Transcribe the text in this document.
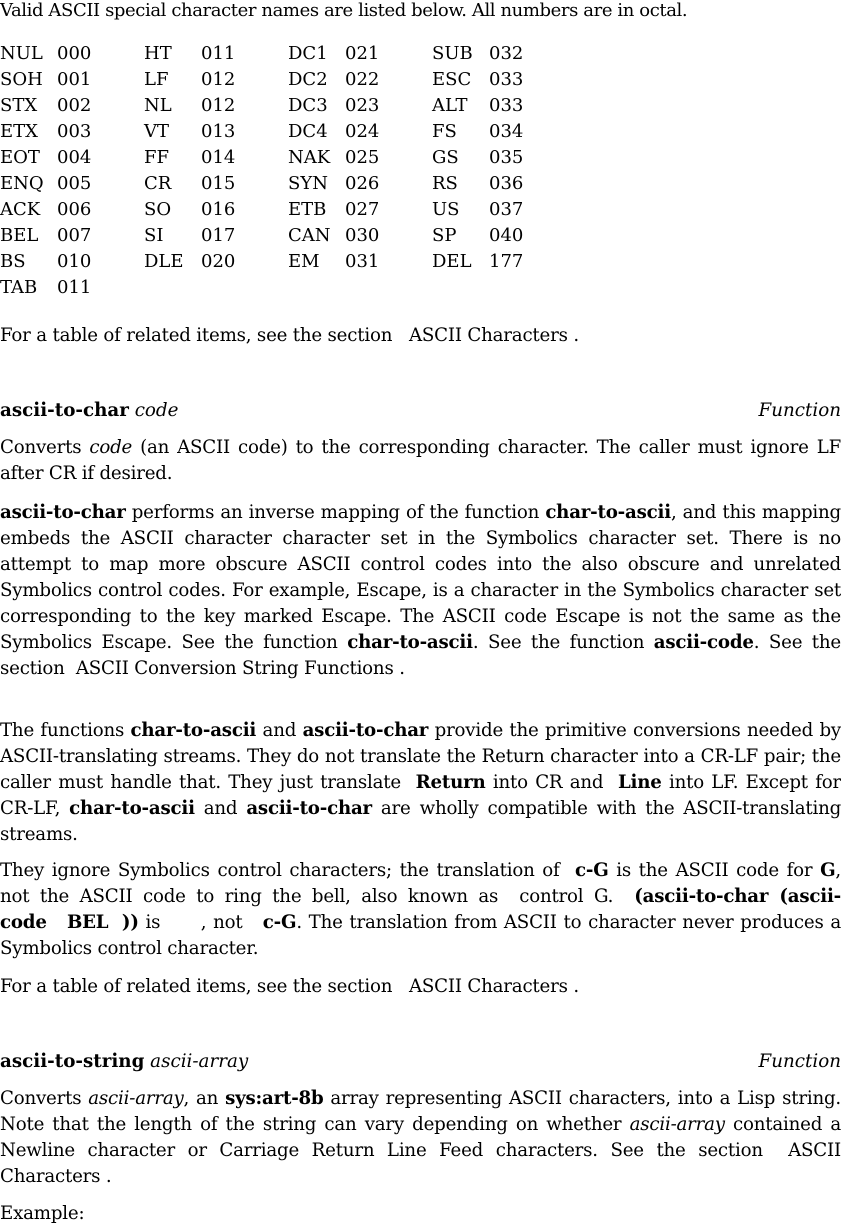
Valid ASCII special character names are listed below. All numbers are in octal.
NUL 000
SOH 001
STX 002
ETX 003
EOT 004
ENQ 005
ACK 006
BEL 007
BS 010
TAB 011
HT 011
LF 012
NL 012
VT 013
FF 014
CR 015
SO 016
SI 017
DLE 020
DC1 021
DC2 022
DC3 023
DC4 024
NAK 025
SYN 026
ETB 027
CAN 030
EM 031
SUB 032
ESC 033
ALT 033
FS 034
GS 035
RS 036
US 037
SP 040
DEL 177
For a table of related items, see the section ASCII Characters .
ascii-to-char code	Function
Converts code (an ASCII code) to the corresponding character. The caller must ignore LF after CR if desired.
ascii-to-char performs an inverse mapping of the function char-to-ascii, and this mapping embeds the ASCII character character set in the Symbolics character set. There is no attempt to map more obscure ASCII control codes into the also obscure and unrelated Symbolics control codes. For example, Escape, is a character in the Symbolics character set corresponding to the key marked Escape. The ASCII code Escape is not the same as the Symbolics Escape. See the function char-to-ascii. See the function ascii-code. See the section ASCII Conversion String Functions .
The functions char-to-ascii and ascii-to-char provide the primitive conversions needed by ASCII-translating streams. They do not translate the Return character into a CR-LF pair; the caller must handle that. They just translate  Return into CR and  Line into LF. Except for CR-LF, char-to-ascii and ascii-to-char are wholly compatible with the ASCII-translating streams.
They ignore Symbolics control characters; the translation of  c-G is the ASCII code for G, not the ASCII code to ring the bell, also known as  control G. (ascii-to-char (ascii-code BEL )) is , not c-G. The translation from ASCII to character never produces a Symbolics control character.
For a table of related items, see the section ASCII Characters .
ascii-to-string ascii-array	Function
Converts ascii-array, an sys:art-8b array representing ASCII characters, into a Lisp string. Note that the length of the string can vary depending on whether ascii-array contained a Newline character or Carriage Return Line Feed characters. See the section ASCII Characters .
Example:
